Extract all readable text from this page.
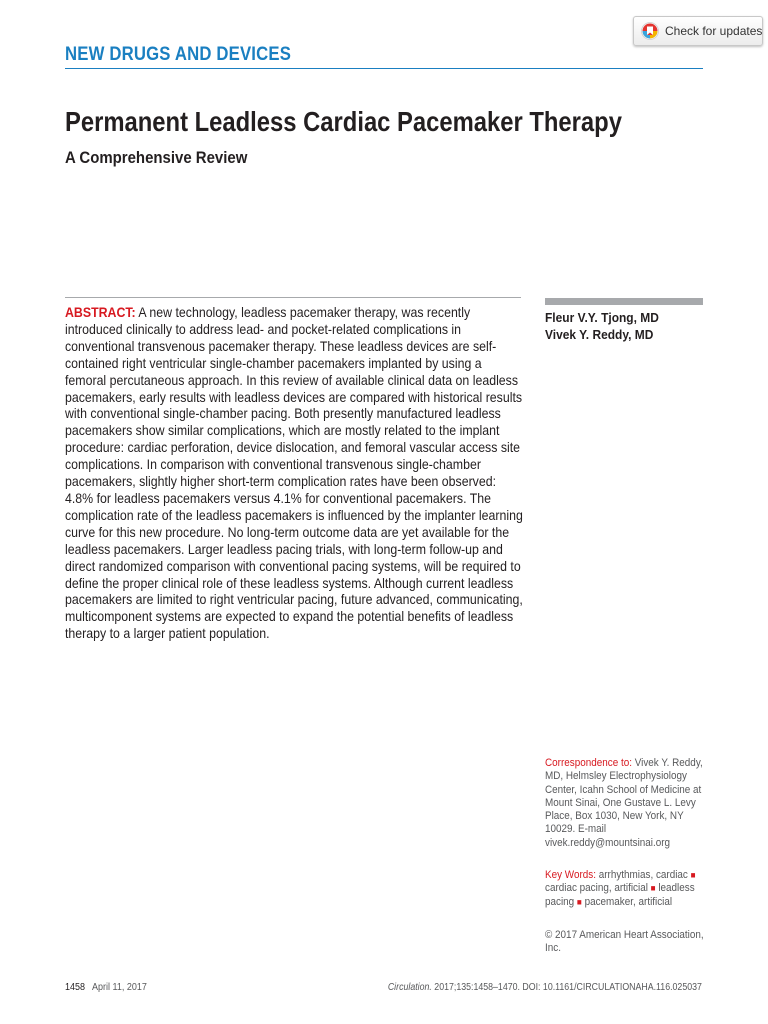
NEW DRUGS AND DEVICES
Check for updates
Permanent Leadless Cardiac Pacemaker Therapy
A Comprehensive Review

ABSTRACT: A new technology, leadless pacemaker therapy, was recently introduced clinically to address lead- and pocket-related complications in conventional transvenous pacemaker therapy. These leadless devices are self-contained right ventricular single-chamber pacemakers implanted by using a femoral percutaneous approach. In this review of available clinical data on leadless pacemakers, early results with leadless devices are compared with historical results with conventional single-chamber pacing. Both presently manufactured leadless pacemakers show similar complications, which are mostly related to the implant procedure: cardiac perforation, device dislocation, and femoral vascular access site complications. In comparison with conventional transvenous single-chamber pacemakers, slightly higher short-term complication rates have been observed: 4.8% for leadless pacemakers versus 4.1% for conventional pacemakers. The complication rate of the leadless pacemakers is influenced by the implanter learning curve for this new procedure. No long-term outcome data are yet available for the leadless pacemakers. Larger leadless pacing trials, with long-term follow-up and direct randomized comparison with conventional pacing systems, will be required to define the proper clinical role of these leadless systems. Although current leadless pacemakers are limited to right ventricular pacing, future advanced, communicating, multicomponent systems are expected to expand the potential benefits of leadless therapy to a larger patient population.

Fleur V.Y. Tjong, MD
Vivek Y. Reddy, MD

Correspondence to: Vivek Y. Reddy, MD, Helmsley Electrophysiology Center, Icahn School of Medicine at Mount Sinai, One Gustave L. Levy Place, Box 1030, New York, NY 10029. E-mail vivek.reddy@mountsinai.org

Key Words: arrhythmias, cardiac ■ cardiac pacing, artificial ■ leadless pacing ■ pacemaker, artificial

© 2017 American Heart Association, Inc.

1458 April 11, 2017	Circulation. 2017;135:1458–1470. DOI: 10.1161/CIRCULATIONAHA.116.025037
